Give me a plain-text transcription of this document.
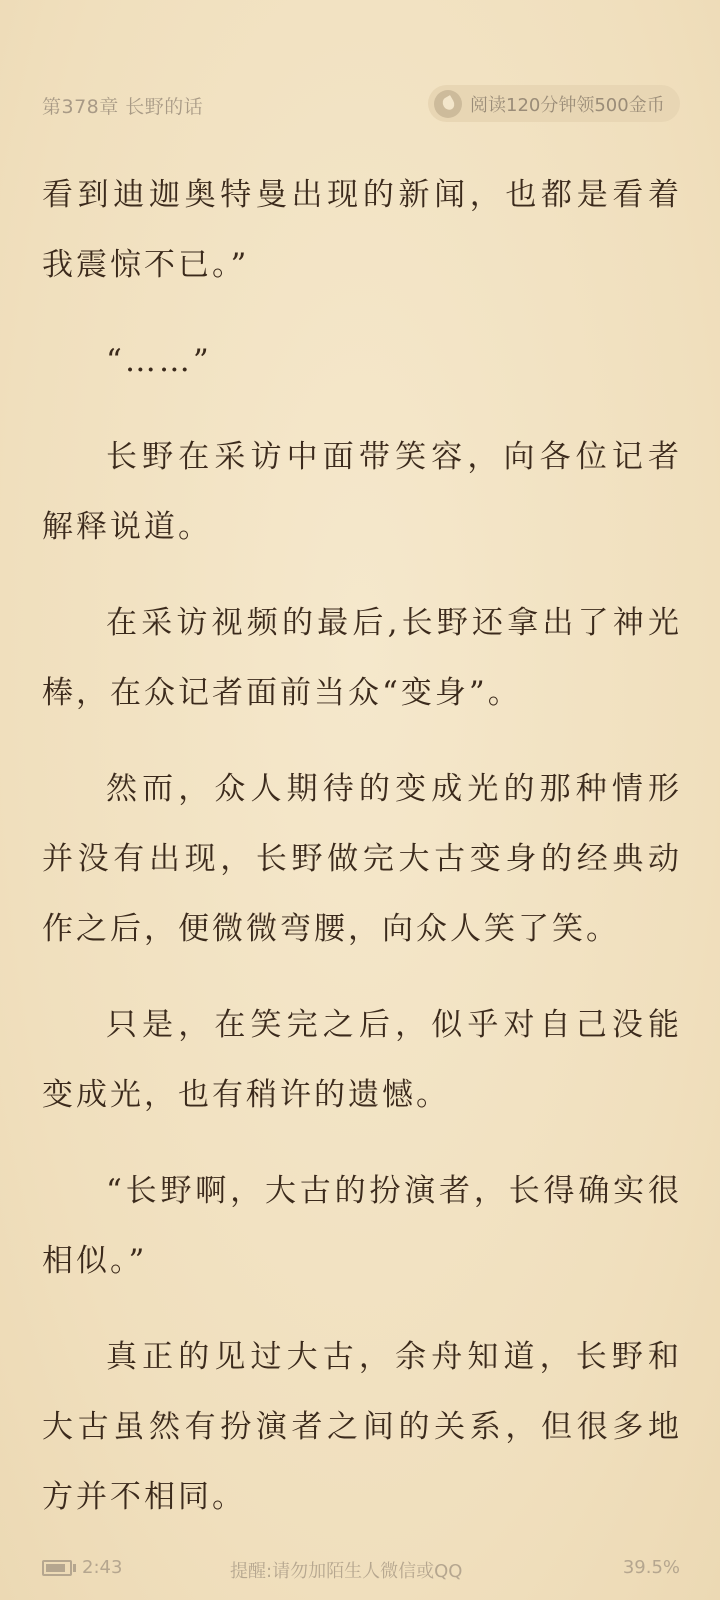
第378章 长野的话	阅读120分钟领500金币

看到迪迦奥特曼出现的新闻，也都是看着我震惊不已。”

“……”

长野在采访中面带笑容，向各位记者解释说道。

在采访视频的最后,长野还拿出了神光棒，在众记者面前当众“变身”。

然而，众人期待的变成光的那种情形并没有出现，长野做完大古变身的经典动作之后，便微微弯腰，向众人笑了笑。

只是，在笑完之后，似乎对自己没能变成光，也有稍许的遗憾。

“长野啊，大古的扮演者，长得确实很相似。”

真正的见过大古，余舟知道，长野和大古虽然有扮演者之间的关系，但很多地方并不相同。

2:43	提醒:请勿加陌生人微信或QQ	39.5%
